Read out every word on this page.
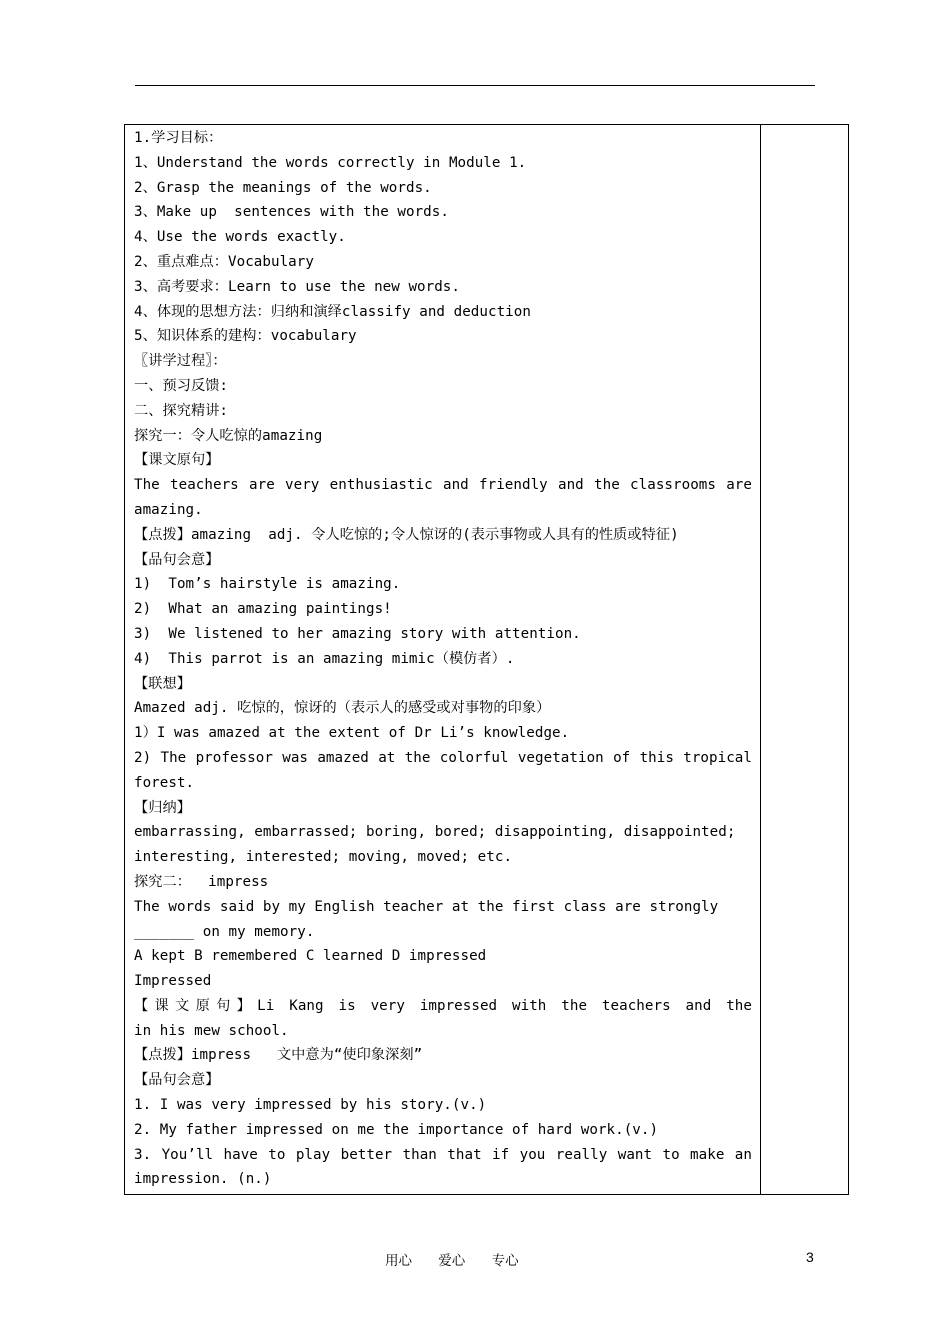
1.学习目标：
1、Understand the words correctly in Module 1.
2、Grasp the meanings of the words.
3、Make up  sentences with the words.
4、Use the words exactly.
2、重点难点：Vocabulary
3、高考要求：Learn to use the new words.
4、体现的思想方法：归纳和演绎classify and deduction
5、知识体系的建构：vocabulary
〖讲学过程〗：
一、预习反馈:
二、探究精讲:
探究一：令人吃惊的amazing
【课文原句】
The teachers are very enthusiastic and friendly and the classrooms are
amazing.
【点拨】amazing  adj. 令人吃惊的;令人惊讶的(表示事物或人具有的性质或特征)
【品句会意】
1)  Tom’s hairstyle is amazing.
2)  What an amazing paintings!
3)  We listened to her amazing story with attention.
4)  This parrot is an amazing mimic（模仿者）.
【联想】
Amazed adj. 吃惊的，惊讶的（表示人的感受或对事物的印象）
1）I was amazed at the extent of Dr Li’s knowledge.
2) The professor was amazed at the colorful vegetation of this tropical
forest.
【归纳】
embarrassing, embarrassed; boring, bored; disappointing, disappointed;
interesting, interested; moving, moved; etc.
探究二：  impress
The words said by my English teacher at the first class are strongly
_______ on my memory.
A kept B remembered C learned D impressed
Impressed
【课文原句】Li Kang is very impressed with the teachers and the
in his mew school.
【点拨】impress   文中意为“使印象深刻”
【品句会意】
1. I was very impressed by his story.(v.)
2. My father impressed on me the importance of hard work.(v.)
3. You’ll have to play better than that if you really want to make an
impression. (n.)
用心 爱心 专心	3
